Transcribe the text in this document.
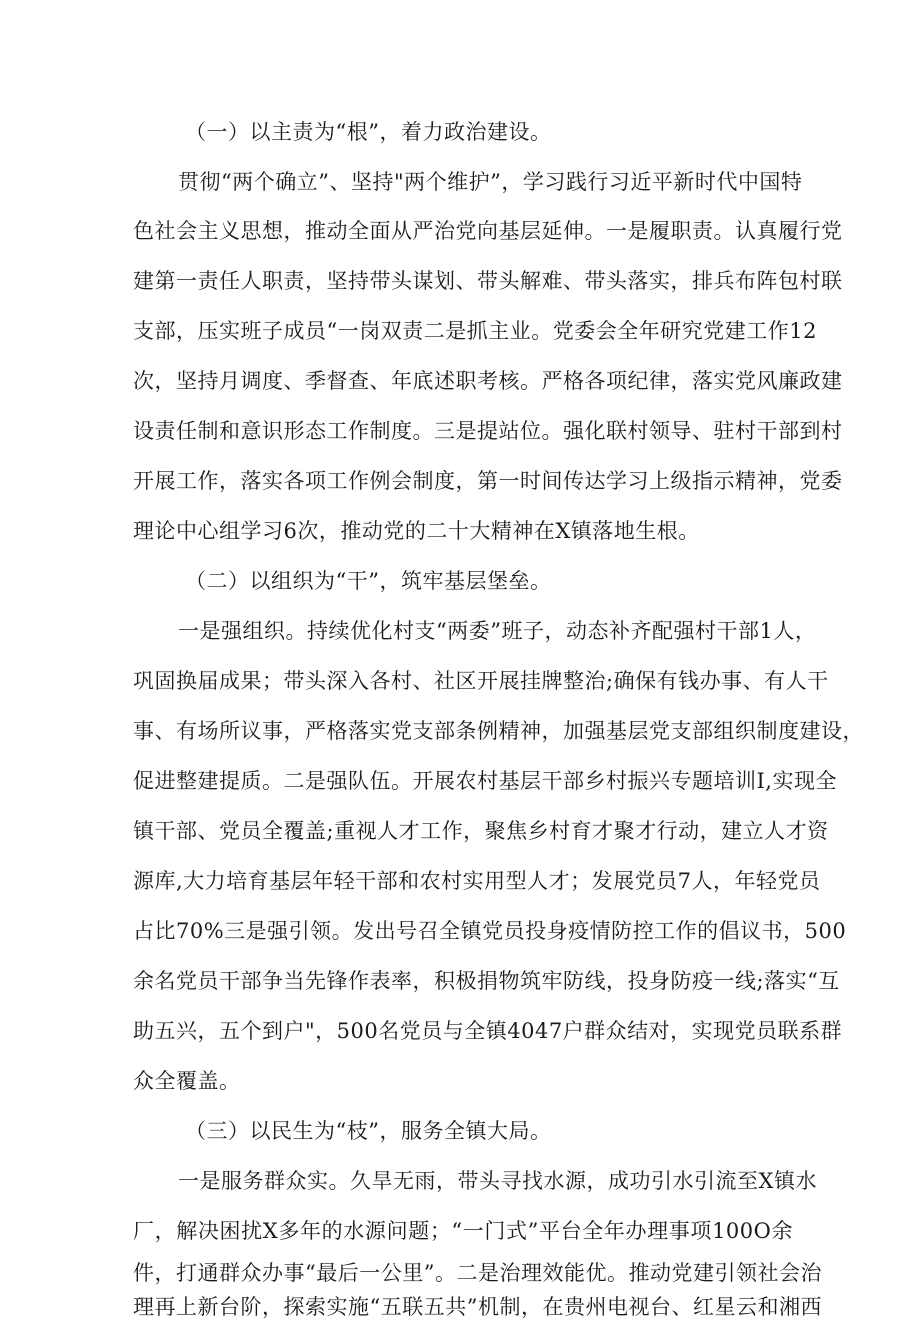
（一）以主责为“根”，着力政治建设。
贯彻“两个确立”、坚持"两个维护”，学习践行习近平新时代中国特
色社会主义思想，推动全面从严治党向基层延伸。一是履职责。认真履行党
建第一责任人职责，坚持带头谋划、带头解难、带头落实，排兵布阵包村联
支部，压实班子成员“一岗双责二是抓主业。党委会全年研究党建工作12
次，坚持月调度、季督查、年底述职考核。严格各项纪律，落实党风廉政建
设责任制和意识形态工作制度。三是提站位。强化联村领导、驻村干部到村
开展工作，落实各项工作例会制度，第一时间传达学习上级指示精神，党委
理论中心组学习6次，推动党的二十大精神在X镇落地生根。
（二）以组织为“干”，筑牢基层堡垒。
一是强组织。持续优化村支“两委”班子，动态补齐配强村干部1人，
巩固换届成果；带头深入各村、社区开展挂牌整治;确保有钱办事、有人干
事、有场所议事，严格落实党支部条例精神，加强基层党支部组织制度建设，
促进整建提质。二是强队伍。开展农村基层干部乡村振兴专题培训I,实现全
镇干部、党员全覆盖;重视人才工作，聚焦乡村育才聚才行动，建立人才资
源库,大力培育基层年轻干部和农村实用型人才；发展党员7人，年轻党员
占比70%三是强引领。发出号召全镇党员投身疫情防控工作的倡议书，500
余名党员干部争当先锋作表率，积极捐物筑牢防线，投身防疫一线;落实“互
助五兴，五个到户"，500名党员与全镇4047户群众结对，实现党员联系群
众全覆盖。
（三）以民生为“枝”，服务全镇大局。
一是服务群众实。久旱无雨，带头寻找水源，成功引水引流至X镇水
厂，解决困扰X多年的水源问题；“一门式”平台全年办理事项100O余
件，打通群众办事“最后一公里”。二是治理效能优。推动党建引领社会治
理再上新台阶，探索实施“五联五共”机制，在贵州电视台、红星云和湘西
